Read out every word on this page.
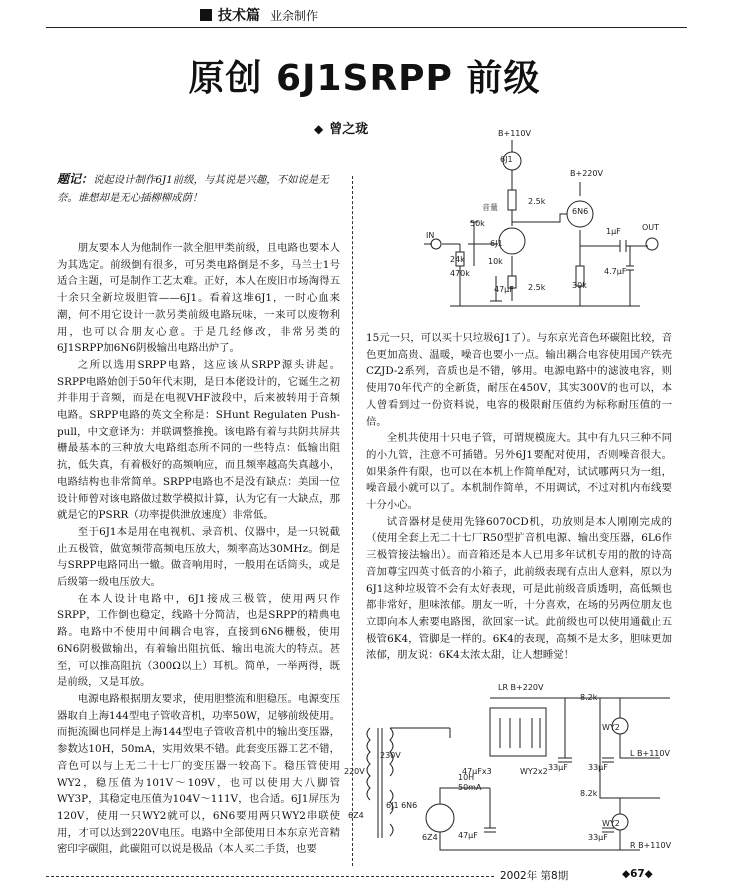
技术篇 业余制作
原创 6J1SRPP 前级
◆ 曾之珑
题记：说起设计制作6J1前级，与其说是兴趣，不如说是无奈。谁想却是无心插柳柳成荫！

朋友要本人为他制作一款全胆甲类前级，且电路也要本人为其选定。前级倒有很多，可另类电路倒是不多，马兰士1号适合主题，可是制作工艺太难。正好，本人在废旧市场淘得五十余只全新垃圾胆管——6J1。看着这堆6J1，一时心血来潮，何不用它设计一款另类前级电路玩味，一来可以废物利用，也可以合朋友心意。于是几经修改，非常另类的6J1SRPP加6N6阴极输出电路出炉了。

之所以选用SRPP电路，这应该从SRPP源头讲起。SRPP电路始创于50年代末期，是日本佬设计的，它诞生之初并非用于音频，而是在电视VHF波段中，后来被转用于音频电路。SRPP电路的英文全称是：SHunt Regulaten Push-pull，中文意译为：并联调整推挽。该电路有着与共阴共屏共栅最基本的三种放大电路组态所不同的一些特点：低输出阻抗，低失真，有着极好的高频响应，而且频率越高失真越小，电路结构也非常简单。SRPP电路也不是没有缺点：美国一位设计师曾对该电路做过数学模拟计算，认为它有一大缺点，那就是它的PSRR（功率提供泄放速度）非常低。

至于6J1本是用在电视机、录音机、仪器中，是一只锐截止五极管，做宽频带高频电压放大，频率高达30MHz。倒是与SRPP电路同出一辙。做音响用时，一般用在话筒头，或是后级第一级电压放大。

在本人设计电路中，6J1接成三极管，使用两只作SRPP，工作倒也稳定，线路十分简洁，也是SRPP的精典电路。电路中不使用中间耦合电容，直接到6N6栅极，使用6N6阴极做输出，有着输出阻抗低、输出电流大的特点。甚至，可以推高阻抗（300Ω以上）耳机。简单，一举两得，既是前级，又是耳放。

电源电路根据朋友要求，使用胆整流和胆稳压。电源变压器取自上海144型电子管收音机，功率50W，足够前级使用。而扼流圈也同样是上海144型电子管收音机中的输出变压器，参数达10H，50mA，实用效果不错。此套变压器工艺不错，音色可以与上无二十七厂的变压器一较高下。稳压管使用WY2，稳压值为101V～109V，也可以使用大八脚管WY3P，其稳定电压值为104V～111V，也合适。6J1屏压为120V，使用一只WY2就可以，6N6要用两只WY2串联使用，才可以达到220V电压。电路中全部使用日本东京光音精密印字碳阻，此碳阻可以说是极品（本人买二手货，也要

15元一只，可以买十只垃圾6J1了）。与东京光音色环碳阻比较，音色更加高贵、温暖，噪音也要小一点。输出耦合电容使用国产铁壳CZJD-2系列，音质也是不错，够用。电源电路中的滤波电容，则使用70年代产的全新货，耐压在450V，其实300V的也可以，本人曾看到过一份资料说，电容的极限耐压值约为标称耐压值的一倍。

全机共使用十只电子管，可谓规模庞大。其中有九只三种不同的小九管，注意不可插错。另外6J1要配对使用，否则噪音很大。如果条件有限，也可以在本机上作简单配对，试试哪两只为一组，噪音最小就可以了。本机制作简单，不用调试，不过对机内布线要十分小心。

试音器材是使用先锋6070CD机，功放则是本人刚刚完成的（使用全套上无二十七厂R50型扩音机电源、输出变压器，6L6作三极管接法输出）。而音箱还是本人已用多年试机专用的散的诗高音加尊宝四英寸低音的小箱子，此前级表现有点出人意料，原以为6J1这种垃圾管不会有太好表现，可是此前级音质透明，高低频也都非常好，胆味浓郁。朋友一听，十分喜欢，在场的另两位朋友也立即向本人索要电路图，欲回家一试。此前级也可以使用通截止五极管6K4，管脚是一样的。6K4的表现，高频不是太多，胆味更加浓郁，朋友说：6K4太浓太甜，让人想睡觉！

B+110V
B+220V
6J1
6J1
6N6
2.5k
音量
50k
10k
24k
470k
2.5k
47μF	30k
1μF
4.7μF
IN
OUT
220V
230V
6Z4
6J1 6N6
6Z4	47μF
10H
50mA
47μFx3	WY2x2 33μF
LR B+220V
8.2k
8.2k
WY2
WY2
33μF
33μF
L B+110V
R B+110V
2002年 第8期	◆67◆
